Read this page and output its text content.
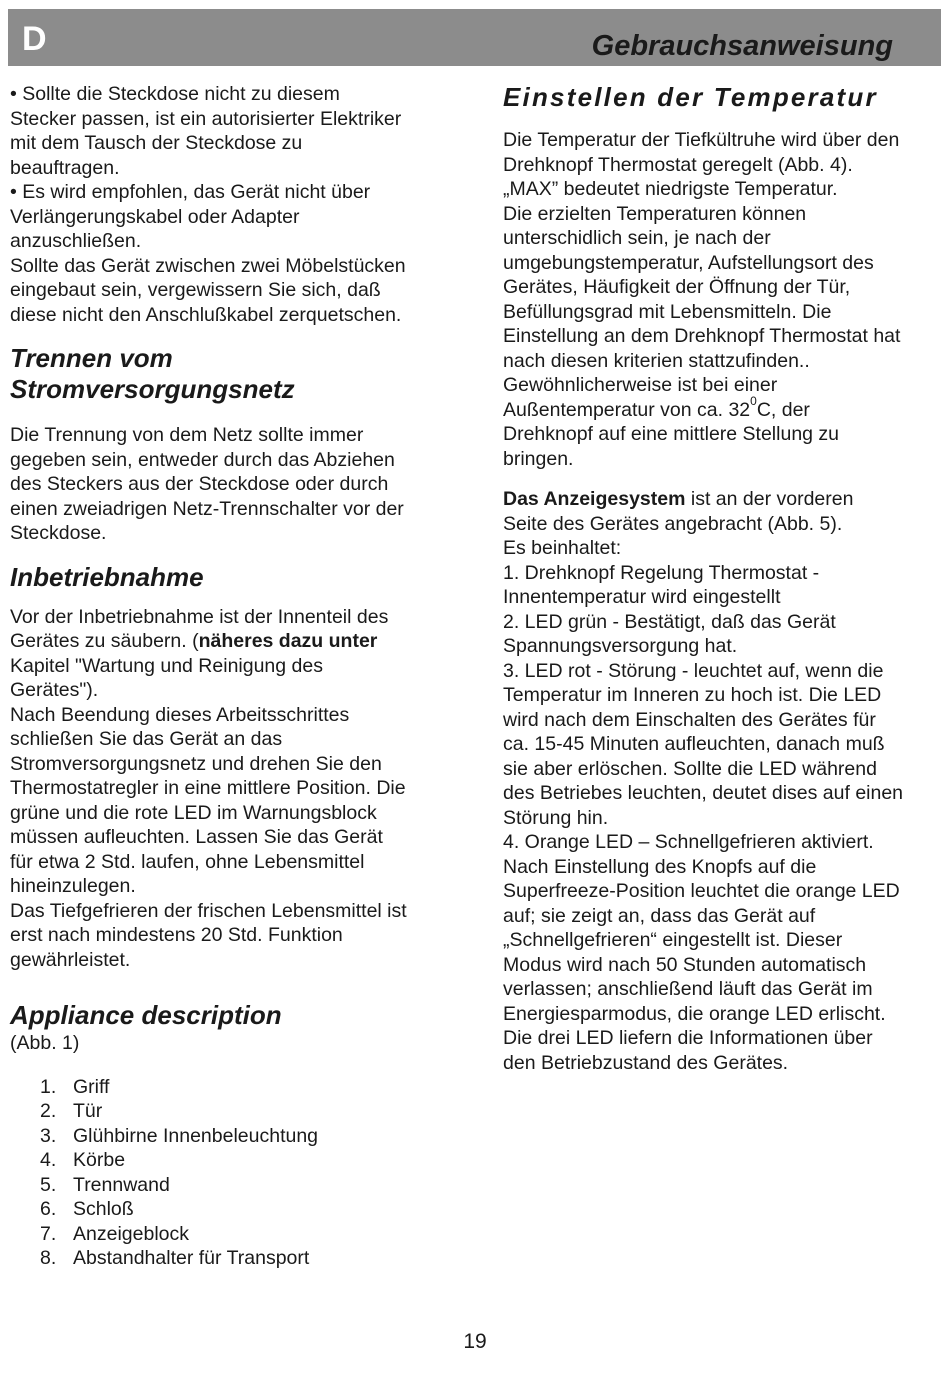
D	Gebrauchsanweisung

• Sollte die Steckdose nicht zu diesem

Stecker passen, ist ein autorisierter Elektriker

mit dem Tausch der Steckdose zu

beauftragen.

• Es wird empfohlen, das Gerät nicht über

Verlängerungskabel oder Adapter

anzuschließen.

Sollte das Gerät zwischen zwei Möbelstücken

eingebaut sein, vergewissern Sie sich, daß

diese nicht den Anschlußkabel zerquetschen.

Trennen vom
Stromversorgungsnetz

Die Trennung von dem Netz sollte immer

gegeben sein, entweder durch das Abziehen

des Steckers aus der Steckdose oder durch

einen zweiadrigen Netz-Trennschalter vor der

Steckdose.

Inbetriebnahme

Vor der Inbetriebnahme ist der Innenteil des

Gerätes zu säubern. (näheres dazu unter

Kapitel "Wartung und Reinigung des

Gerätes").

Nach Beendung dieses Arbeitsschrittes

schließen Sie das Gerät an das

Stromversorgungsnetz und drehen Sie den

Thermostatregler in eine mittlere Position. Die

grüne und die rote LED im Warnungsblock

müssen aufleuchten. Lassen Sie das Gerät

für etwa 2 Std. laufen, ohne Lebensmittel

hineinzulegen.

Das Tiefgefrieren der frischen Lebensmittel ist

erst nach mindestens 20 Std. Funktion

gewährleistet.

Appliance description

(Abb. 1)

1. Griff
2. Tür
3. Glühbirne Innenbeleuchtung
4. Körbe
5. Trennwand
6. Schloß
7. Anzeigeblock
8. Abstandhalter für Transport
Einstellen der Temperatur

Die Temperatur der Tiefkültruhe wird über den

Drehknopf Thermostat geregelt (Abb. 4).

„MAX” bedeutet niedrigste Temperatur.

Die erzielten Temperaturen können

unterschidlich sein, je nach der

umgebungstemperatur, Aufstellungsort des

Gerätes, Häufigkeit der Öffnung der Tür,

Befüllungsgrad mit Lebensmitteln. Die

Einstellung an dem Drehknopf Thermostat hat

nach diesen kriterien stattzufinden..

Gewöhnlicherweise ist bei einer

Außentemperatur von ca. $32^0C$, der

Drehknopf auf eine mittlere Stellung zu

bringen.

Das Anzeigesystem ist an der vorderen

Seite des Gerätes angebracht (Abb. 5).

Es beinhaltet:

1. Drehknopf Regelung Thermostat -

Innentemperatur wird eingestellt

2. LED grün - Bestätigt, daß das Gerät

Spannungsversorgung hat.

3. LED rot - Störung - leuchtet auf, wenn die

Temperatur im Inneren zu hoch ist. Die LED

wird nach dem Einschalten des Gerätes für

ca. 15-45 Minuten aufleuchten, danach muß

sie aber erlöschen. Sollte die LED während

des Betriebes leuchten, deutet dises auf einen

Störung hin.

4. Orange LED – Schnellgefrieren aktiviert.

Nach Einstellung des Knopfs auf die

Superfreeze-Position leuchtet die orange LED

auf; sie zeigt an, dass das Gerät auf

„Schnellgefrieren“ eingestellt ist. Dieser

Modus wird nach 50 Stunden automatisch

verlassen; anschließend läuft das Gerät im

Energiesparmodus, die orange LED erlischt.

Die drei LED liefern die Informationen über

den Betriebzustand des Gerätes.

19
